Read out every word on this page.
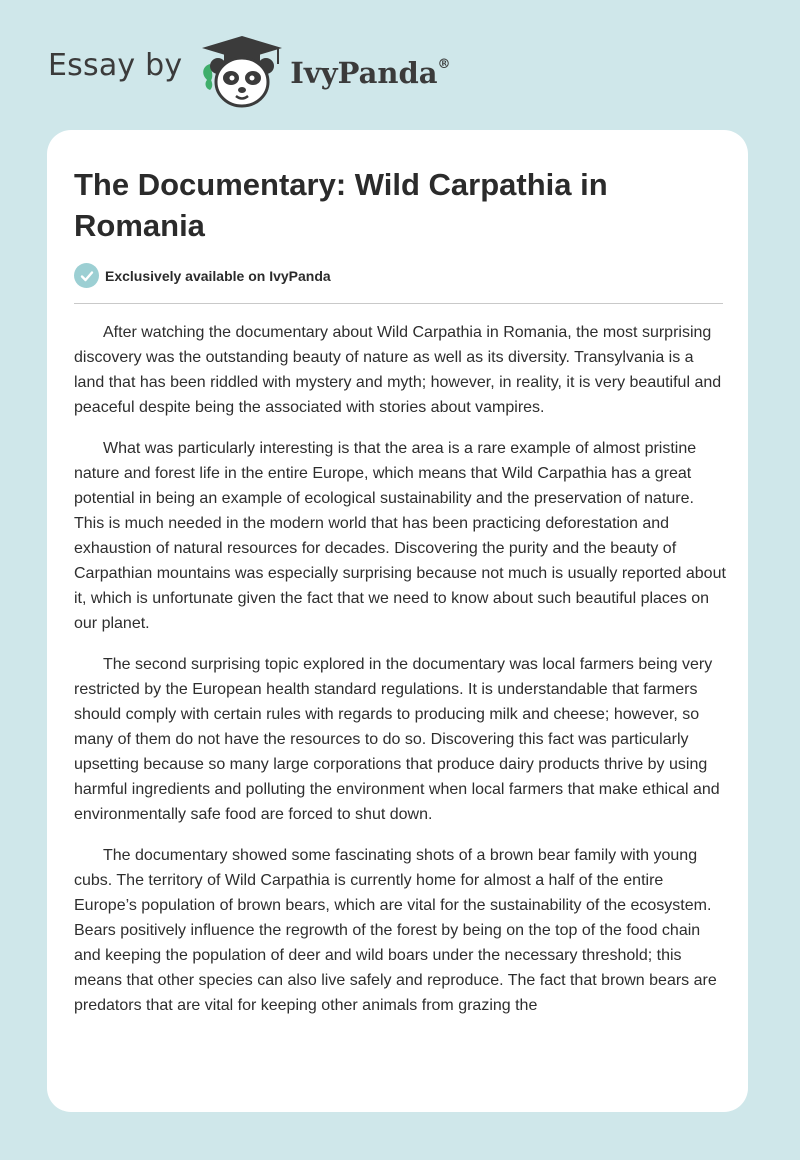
Essay by	IvyPanda®
The Documentary: Wild Carpathia in Romania
Exclusively available on IvyPanda

After watching the documentary about Wild Carpathia in Romania, the most surprising discovery was the outstanding beauty of nature as well as its diversity. Transylvania is a land that has been riddled with mystery and myth; however, in reality, it is very beautiful and peaceful despite being the associated with stories about vampires.

What was particularly interesting is that the area is a rare example of almost pristine nature and forest life in the entire Europe, which means that Wild Carpathia has a great potential in being an example of ecological sustainability and the preservation of nature. This is much needed in the modern world that has been practicing deforestation and exhaustion of natural resources for decades. Discovering the purity and the beauty of Carpathian mountains was especially surprising because not much is usually reported about it, which is unfortunate given the fact that we need to know about such beautiful places on our planet.

The second surprising topic explored in the documentary was local farmers being very restricted by the European health standard regulations. It is understandable that farmers should comply with certain rules with regards to producing milk and cheese; however, so many of them do not have the resources to do so. Discovering this fact was particularly upsetting because so many large corporations that produce dairy products thrive by using harmful ingredients and polluting the environment when local farmers that make ethical and environmentally safe food are forced to shut down.

The documentary showed some fascinating shots of a brown bear family with young cubs. The territory of Wild Carpathia is currently home for almost a half of the entire Europe’s population of brown bears, which are vital for the sustainability of the ecosystem. Bears positively influence the regrowth of the forest by being on the top of the food chain and keeping the population of deer and wild boars under the necessary threshold; this means that other species can also live safely and reproduce. The fact that brown bears are predators that are vital for keeping other animals from grazing the
